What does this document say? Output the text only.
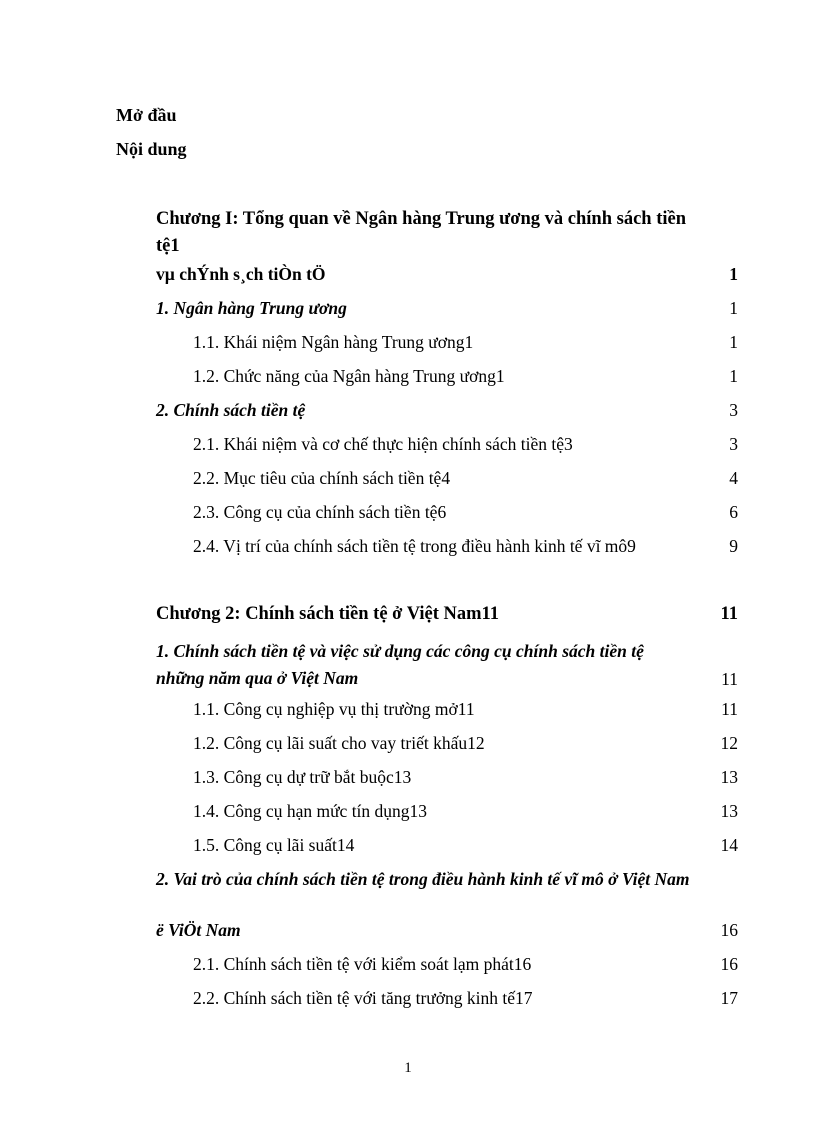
Mở đầu
Nội dung
Chương I: Tổng quan về Ngân hàng Trung ương và chính sách tiền tệ1
vµ chÝnh s¸ch tiÒn tÖ	1
1. Ngân hàng Trung ương	1
1.1. Khái niệm Ngân hàng Trung ương1	1
1.2. Chức năng của Ngân hàng Trung ương1	1
2. Chính sách tiền tệ	3
2.1. Khái niệm và cơ chế thực hiện chính sách tiền tệ3	3
2.2. Mục tiêu của chính sách tiền tệ4	4
2.3. Công cụ của chính sách tiền tệ6	6
2.4. Vị trí của chính sách tiền tệ trong điều hành kinh tế vĩ mô9	9
Chương 2: Chính sách tiền tệ ở Việt Nam11	11
1. Chính sách tiền tệ và việc sử dụng các công cụ chính sách tiền tệ những năm qua ở Việt Nam	11
1.1. Công cụ nghiệp vụ thị trường mở11	11
1.2. Công cụ lãi suất cho vay triết khấu12	12
1.3. Công cụ dự trữ bắt buộc13	13
1.4. Công cụ hạn mức tín dụng13	13
1.5. Công cụ lãi suất14	14
2. Vai trò của chính sách tiền tệ trong điều hành kinh tế vĩ mô ở Việt Nam
ë ViÖt Nam	16
2.1. Chính sách tiền tệ với kiểm soát lạm phát16	16
2.2. Chính sách tiền tệ với tăng trưởng kinh tế17	17
1
